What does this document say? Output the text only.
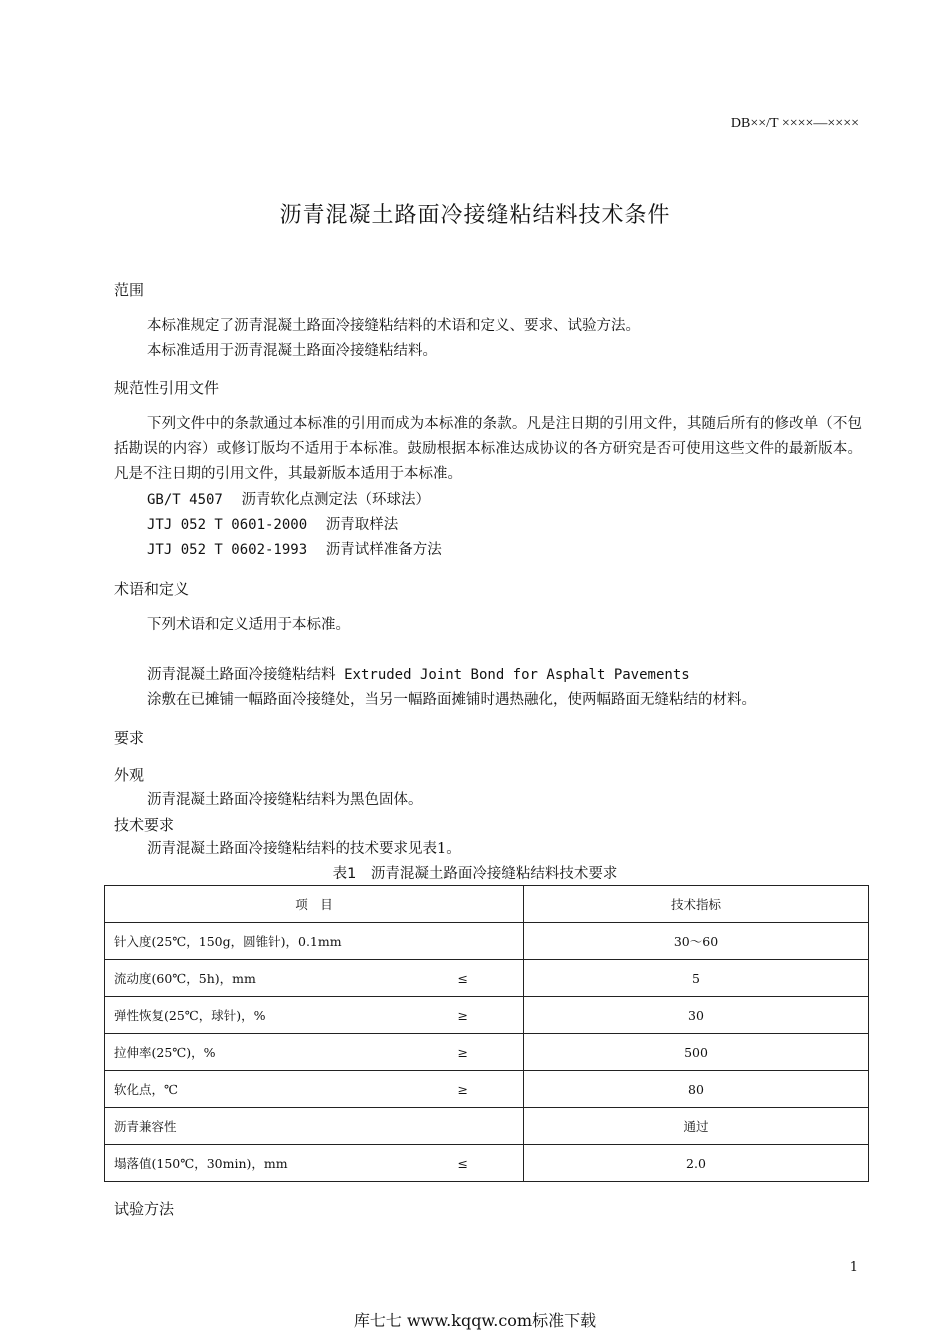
DB××/T ××××—××××
沥青混凝土路面冷接缝粘结料技术条件
范围
本标准规定了沥青混凝土路面冷接缝粘结料的术语和定义、要求、试验方法。
本标准适用于沥青混凝土路面冷接缝粘结料。
规范性引用文件
下列文件中的条款通过本标准的引用而成为本标准的条款。凡是注日期的引用文件，其随后所有的修改单（不包括勘误的内容）或修订版均不适用于本标准。鼓励根据本标准达成协议的各方研究是否可使用这些文件的最新版本。凡是不注日期的引用文件，其最新版本适用于本标准。
GB/T 4507 沥青软化点测定法（环球法）
JTJ 052 T 0601-2000 沥青取样法
JTJ 052 T 0602-1993 沥青试样准备方法
术语和定义
下列术语和定义适用于本标准。
沥青混凝土路面冷接缝粘结料 Extruded Joint Bond for Asphalt Pavements
涂敷在已摊铺一幅路面冷接缝处，当另一幅路面摊铺时遇热融化，使两幅路面无缝粘结的材料。
要求
外观
沥青混凝土路面冷接缝粘结料为黑色固体。
技术要求
沥青混凝土路面冷接缝粘结料的技术要求见表1。
表1　沥青混凝土路面冷接缝粘结料技术要求
项　目	技术指标

针入度(25℃，150g，圆锥针)，0.1mm	30～60

流动度(60℃，5h)，mm ≤	5

弹性恢复(25℃，球针)，% ≥	30

拉伸率(25℃)，% ≥	500

软化点，℃ ≥	80

沥青兼容性	通过

塌落值(150℃，30min)，mm ≤	2.0
试验方法
1
库七七 www.kqqw.com标准下载
